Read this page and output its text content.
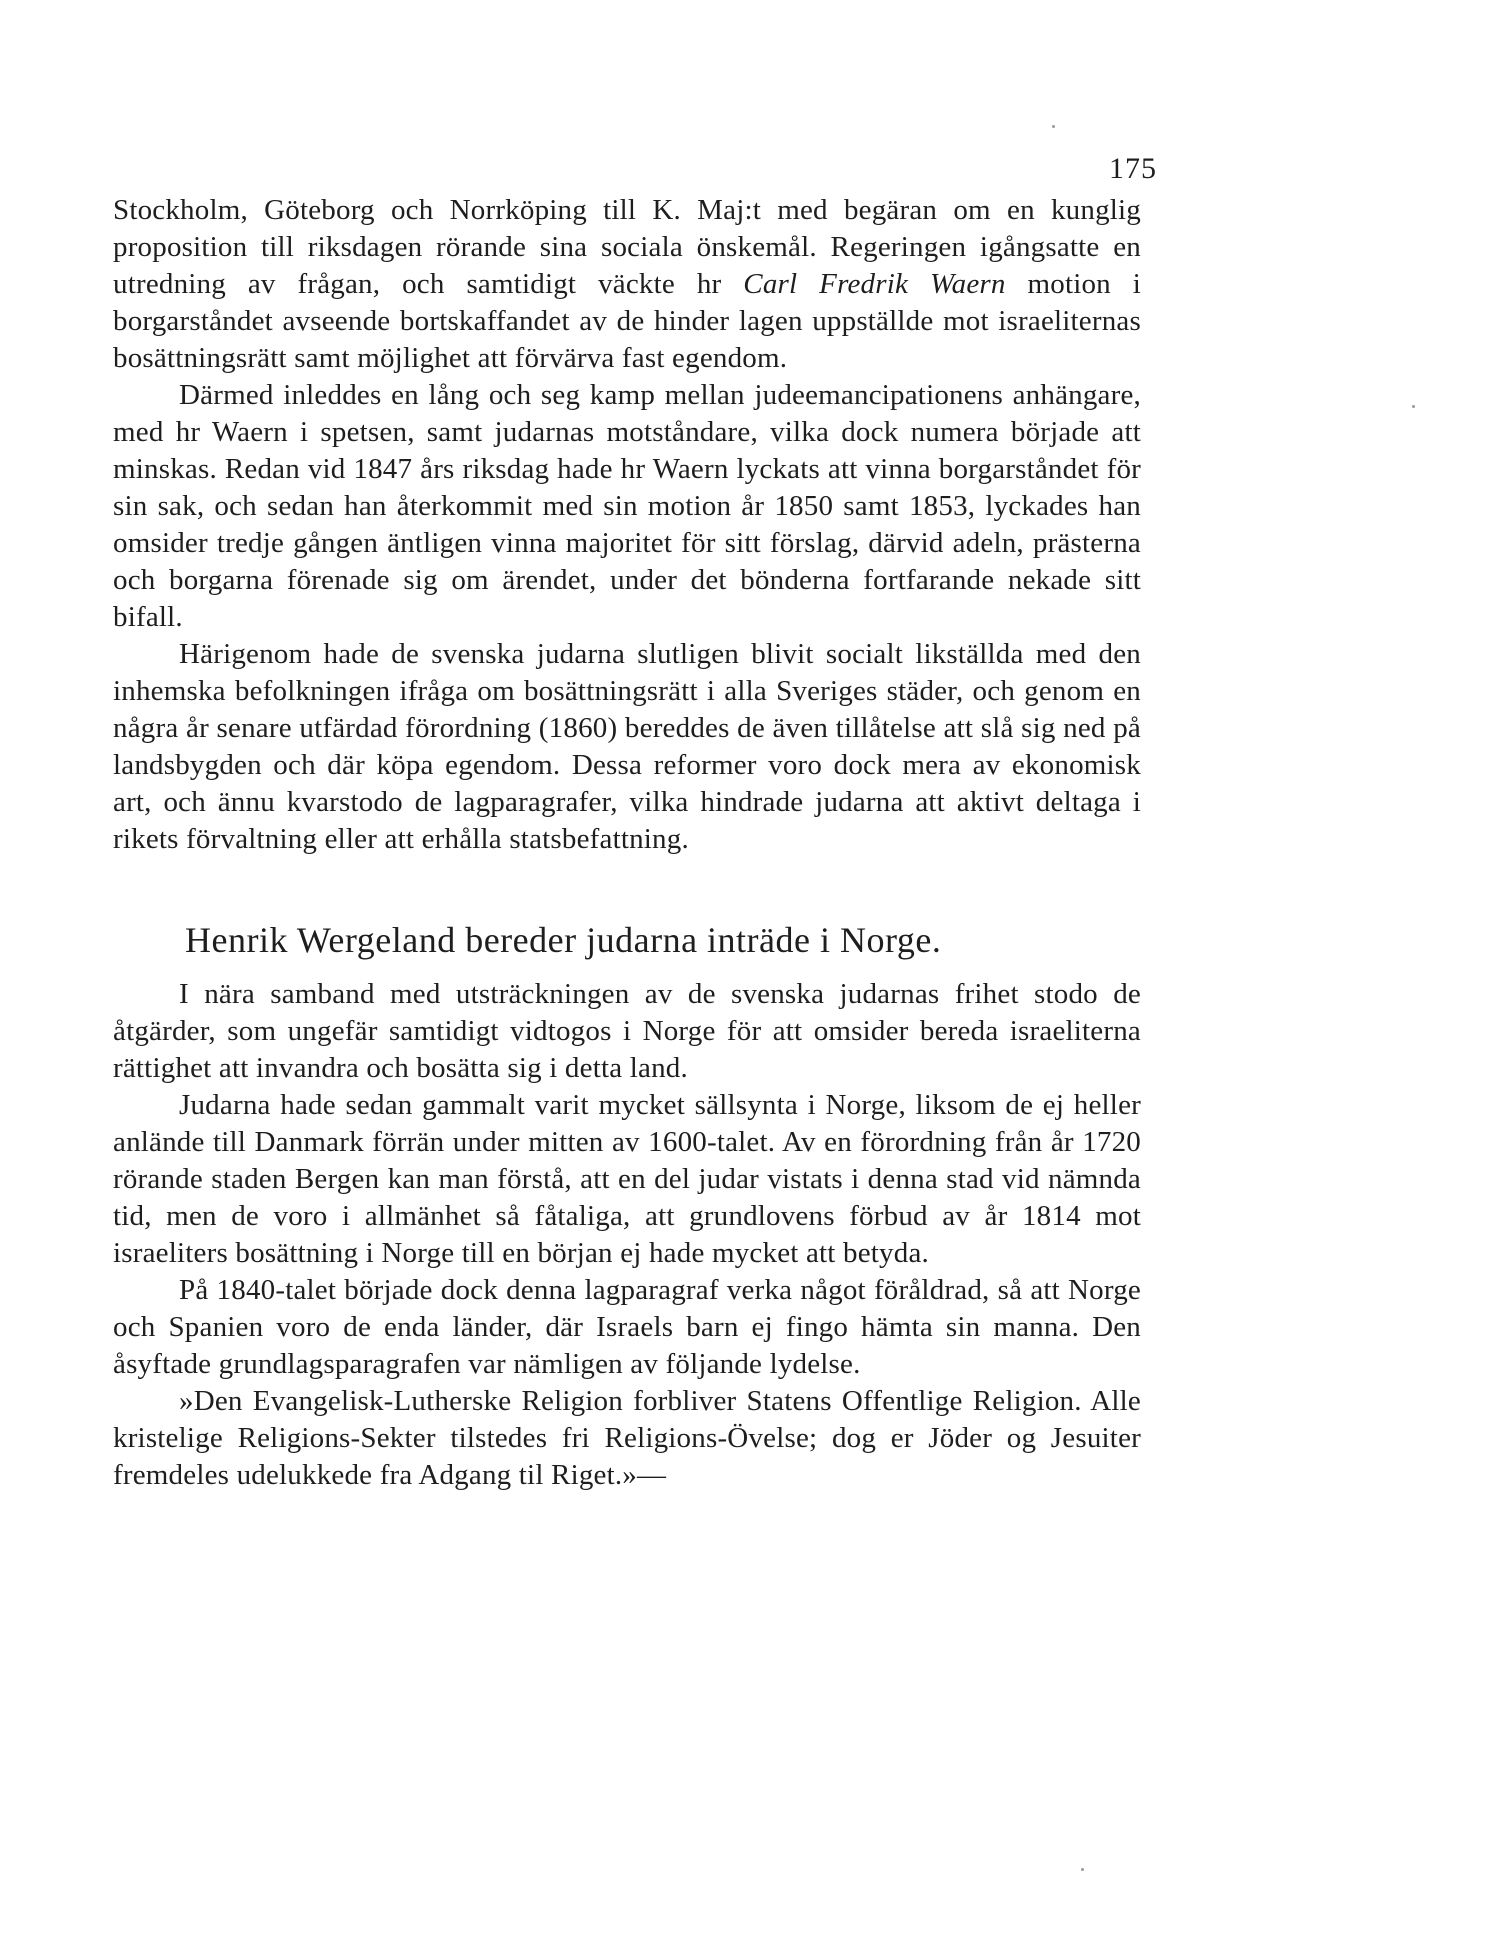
175

Stockholm, Göteborg och Norrköping till K. Maj:t med begäran om en kunglig proposition till riksdagen rörande sina sociala önskemål. Regeringen igångsatte en utredning av frågan, och samtidigt väckte hr Carl Fredrik Waern motion i borgarståndet avseende bortskaffandet av de hinder lagen uppställde mot israeliternas bosättningsrätt samt möjlighet att förvärva fast egendom.

Därmed inleddes en lång och seg kamp mellan judeemancipationens anhängare, med hr Waern i spetsen, samt judarnas motståndare, vilka dock numera började att minskas. Redan vid 1847 års riksdag hade hr Waern lyckats att vinna borgarståndet för sin sak, och sedan han återkommit med sin motion år 1850 samt 1853, lyckades han omsider tredje gången äntligen vinna majoritet för sitt förslag, därvid adeln, prästerna och borgarna förenade sig om ärendet, under det bönderna fortfarande nekade sitt bifall.

Härigenom hade de svenska judarna slutligen blivit socialt likställda med den inhemska befolkningen ifråga om bosättningsrätt i alla Sveriges städer, och genom en några år senare utfärdad förordning (1860) bereddes de även tillåtelse att slå sig ned på landsbygden och där köpa egendom. Dessa reformer voro dock mera av ekonomisk art, och ännu kvarstodo de lagparagrafer, vilka hindrade judarna att aktivt deltaga i rikets förvaltning eller att erhålla statsbefattning.

Henrik Wergeland bereder judarna inträde i Norge.

I nära samband med utsträckningen av de svenska judarnas frihet stodo de åtgärder, som ungefär samtidigt vidtogos i Norge för att omsider bereda israeliterna rättighet att invandra och bosätta sig i detta land.

Judarna hade sedan gammalt varit mycket sällsynta i Norge, liksom de ej heller anlände till Danmark förrän under mitten av 1600-talet. Av en förordning från år 1720 rörande staden Bergen kan man förstå, att en del judar vistats i denna stad vid nämnda tid, men de voro i allmänhet så fåtaliga, att grundlovens förbud av år 1814 mot israeliters bosättning i Norge till en början ej hade mycket att betyda.

På 1840-talet började dock denna lagparagraf verka något föråldrad, så att Norge och Spanien voro de enda länder, där Israels barn ej fingo hämta sin manna. Den åsyftade grundlagsparagrafen var nämligen av följande lydelse.

»Den Evangelisk-Lutherske Religion forbliver Statens Offentlige Religion. Alle kristelige Religions-Sekter tilstedes fri Religions-Övelse; dog er Jöder og Jesuiter fremdeles udelukkede fra Adgang til Riget.»—
